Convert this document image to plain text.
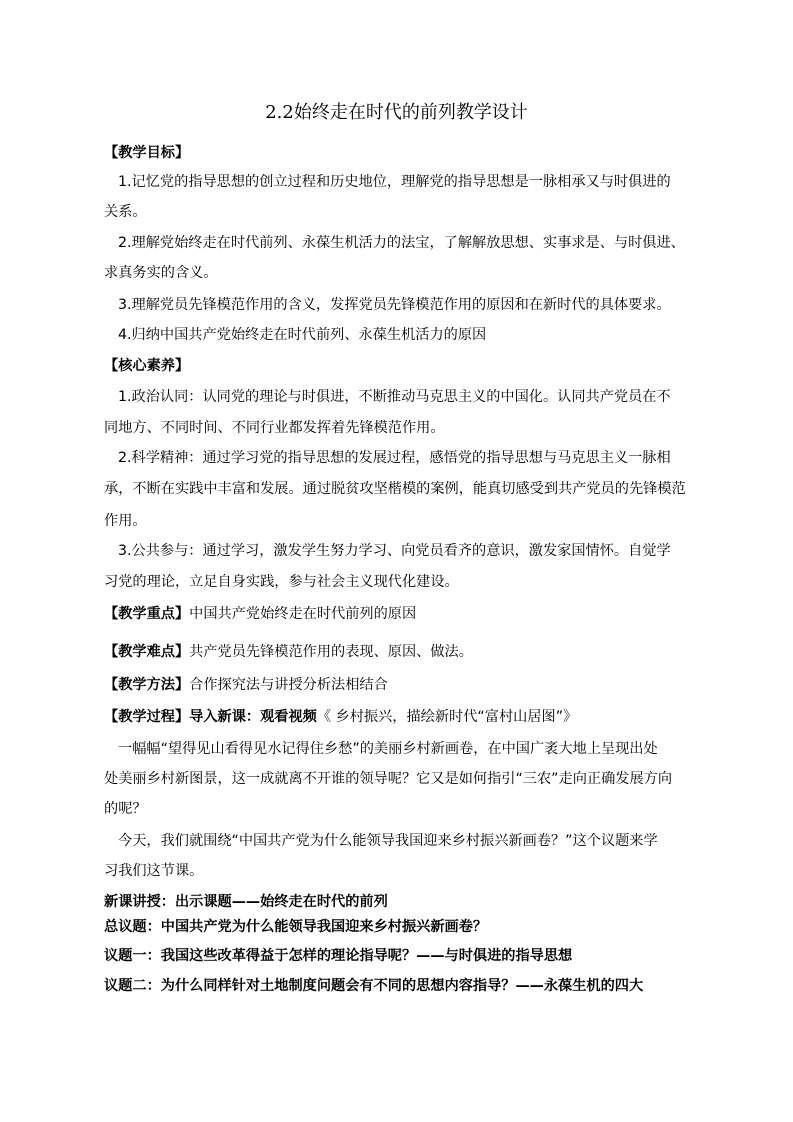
2.2始终走在时代的前列教学设计
【教学目标】
1.记忆党的指导思想的创立过程和历史地位，理解党的指导思想是一脉相承又与时俱进的
关系。
2.理解党始终走在时代前列、永葆生机活力的法宝，了解解放思想、实事求是、与时俱进、
求真务实的含义。
3.理解党员先锋模范作用的含义，发挥党员先锋模范作用的原因和在新时代的具体要求。
4.归纳中国共产党始终走在时代前列、永葆生机活力的原因
【核心素养】
1.政治认同：认同党的理论与时俱进，不断推动马克思主义的中国化。认同共产党员在不
同地方、不同时间、不同行业都发挥着先锋模范作用。
2.科学精神：通过学习党的指导思想的发展过程，感悟党的指导思想与马克思主义一脉相
承，不断在实践中丰富和发展。通过脱贫攻坚楷模的案例，能真切感受到共产党员的先锋模范
作用。
3.公共参与：通过学习，激发学生努力学习、向党员看齐的意识，激发家国情怀。自觉学
习党的理论，立足自身实践，参与社会主义现代化建设。
【教学重点】中国共产党始终走在时代前列的原因
【教学难点】共产党员先锋模范作用的表现、原因、做法。
【教学方法】合作探究法与讲授分析法相结合
【教学过程】导入新课：观看视频《 乡村振兴，描绘新时代“富村山居图”》
一幅幅“望得见山看得见水记得住乡愁”的美丽乡村新画卷，在中国广袤大地上呈现出处
处美丽乡村新图景，这一成就离不开谁的领导呢？它又是如何指引“三农”走向正确发展方向
的呢？
今天，我们就围绕“中国共产党为什么能领导我国迎来乡村振兴新画卷？”这个议题来学
习我们这节课。
新课讲授：出示课题——始终走在时代的前列
总议题：中国共产党为什么能领导我国迎来乡村振兴新画卷？
议题一：我国这些改革得益于怎样的理论指导呢？——与时俱进的指导思想
议题二：为什么同样针对土地制度问题会有不同的思想内容指导？——永葆生机的四大
